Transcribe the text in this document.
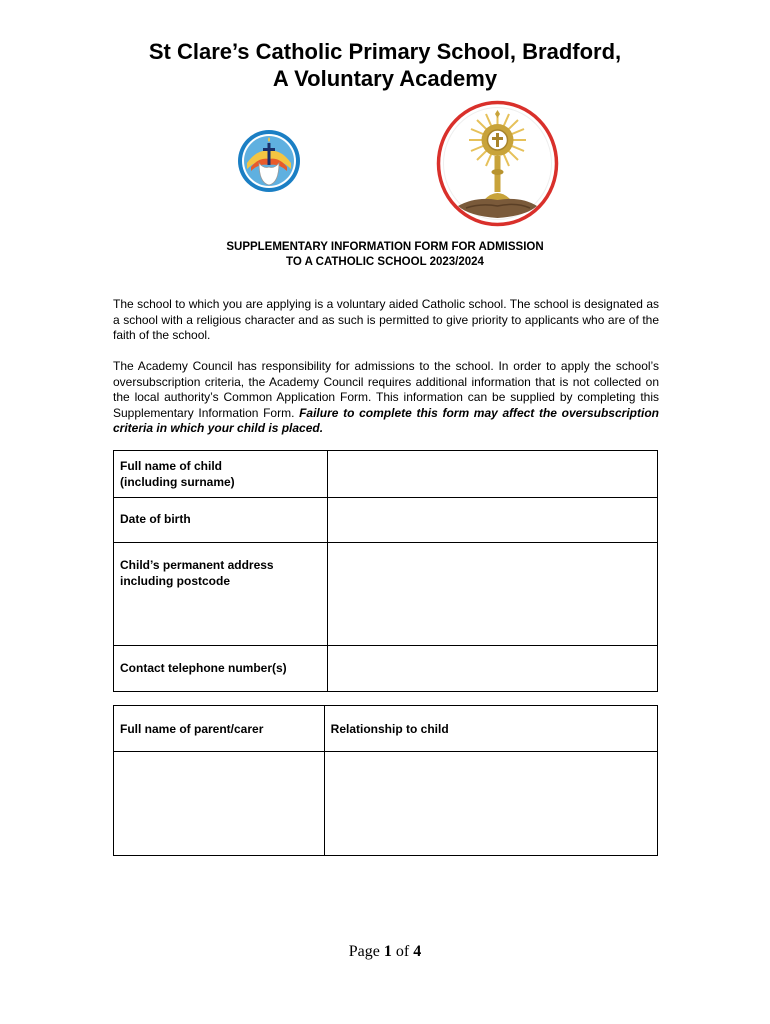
St Clare’s Catholic Primary School, Bradford,
A Voluntary Academy
SUPPLEMENTARY INFORMATION FORM FOR ADMISSION
TO A CATHOLIC SCHOOL 2023/2024

The school to which you are applying is a voluntary aided Catholic school. The school is designated as a school with a religious character and as such is permitted to give priority to applicants who are of the faith of the school.

The Academy Council has responsibility for admissions to the school. In order to apply the school’s oversubscription criteria, the Academy Council requires additional information that is not collected on the local authority’s Common Application Form. This information can be supplied by completing this Supplementary Information Form. Failure to complete this form may affect the oversubscription criteria in which your child is placed.

Full name of child
(including surname)	

Date of birth	

Child’s permanent address
including postcode	

Contact telephone number(s)	
Full name of parent/carer	Relationship to child

Page 1 of 4
